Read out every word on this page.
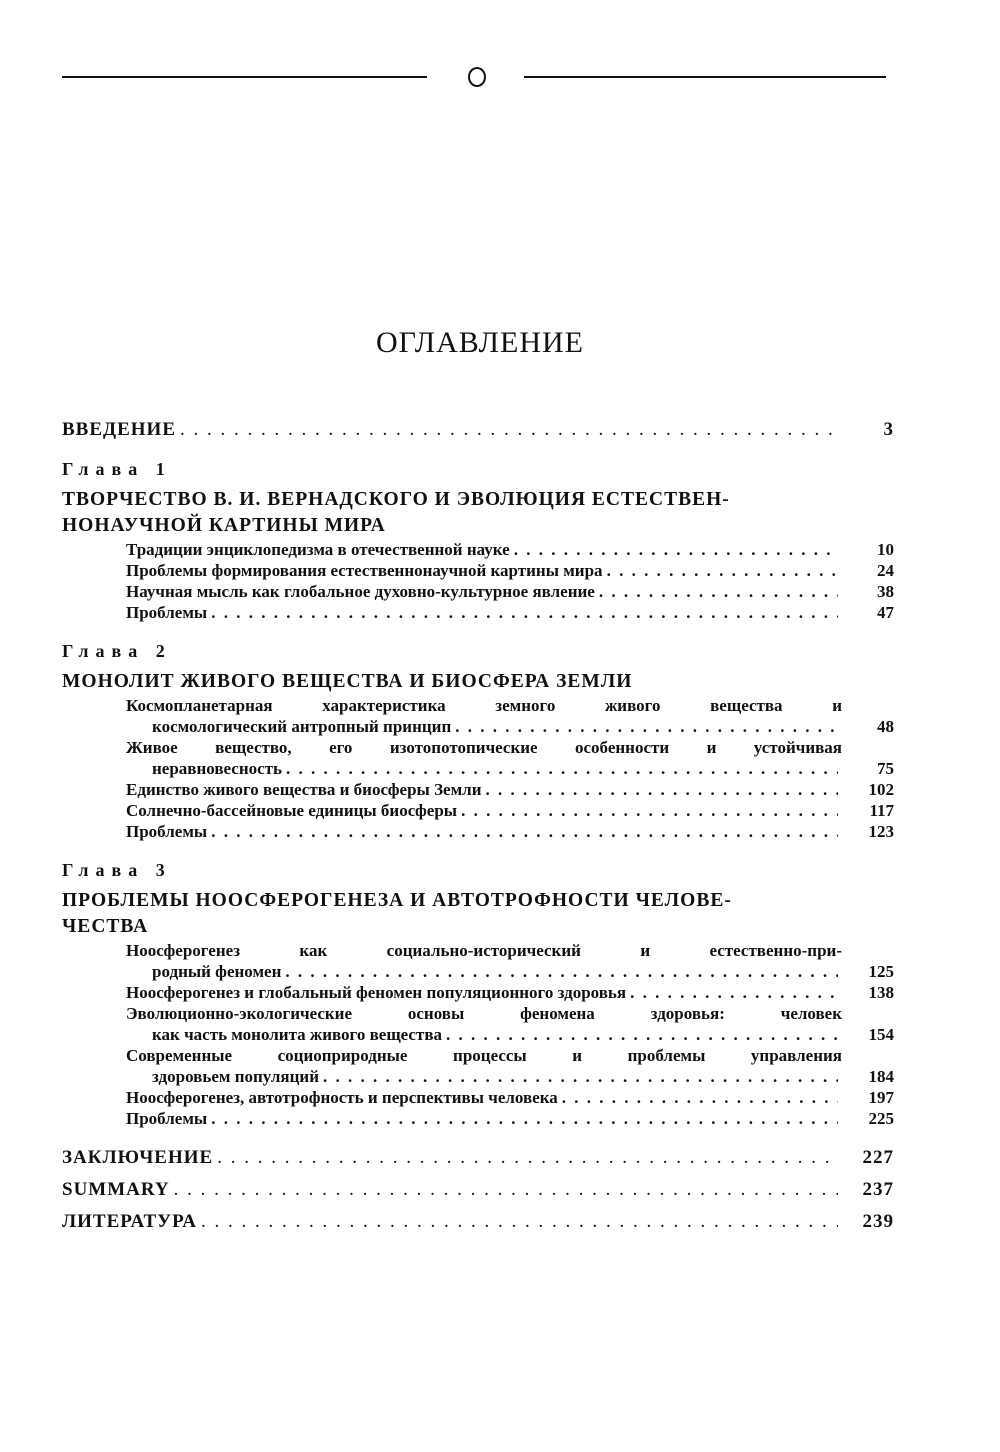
ОГЛАВЛЕНИЕ
ВВЕДЕНИЕ . . .	3
Глава 1
ТВОРЧЕСТВО В. И. ВЕРНАДСКОГО И ЭВОЛЮЦИЯ ЕСТЕСТВЕН-
НОНАУЧНОЙ КАРТИНЫ МИРА
Традиции энциклопедизма в отечественной науке . . .	10
Проблемы формирования естественнонаучной картины мира . . .	24
Научная мысль как глобальное духовно-культурное явление . . .	38
Проблемы . . .	47
Глава 2
МОНОЛИТ ЖИВОГО ВЕЩЕСТВА И БИОСФЕРА ЗЕМЛИ
Космопланетарная характеристика земного живого вещества и
космологический антропный принцип . . .	48
Живое вещество, его изотопотопические особенности и устойчивая
неравновесность . . .	75
Единство живого вещества и биосферы Земли . . .	102
Солнечно-бассейновые единицы биосферы . . .	117
Проблемы . . .	123
Глава 3
ПРОБЛЕМЫ НООСФЕРОГЕНЕЗА И АВТОТРОФНОСТИ ЧЕЛОВЕ-
ЧЕСТВА
Ноосферогенез как социально-исторический и естественно-при-
родный феномен . . .	125
Ноосферогенез и глобальный феномен популяционного здоровья . . .	138
Эволюционно-экологические основы феномена здоровья: человек
как часть монолита живого вещества . . .	154
Современные социоприродные процессы и проблемы управления
здоровьем популяций . . .	184
Ноосферогенез, автотрофность и перспективы человека . . .	197
Проблемы . . .	225
ЗАКЛЮЧЕНИЕ . . .	227
SUMMARY . . .	237
ЛИТЕРАТУРА . . .	239
